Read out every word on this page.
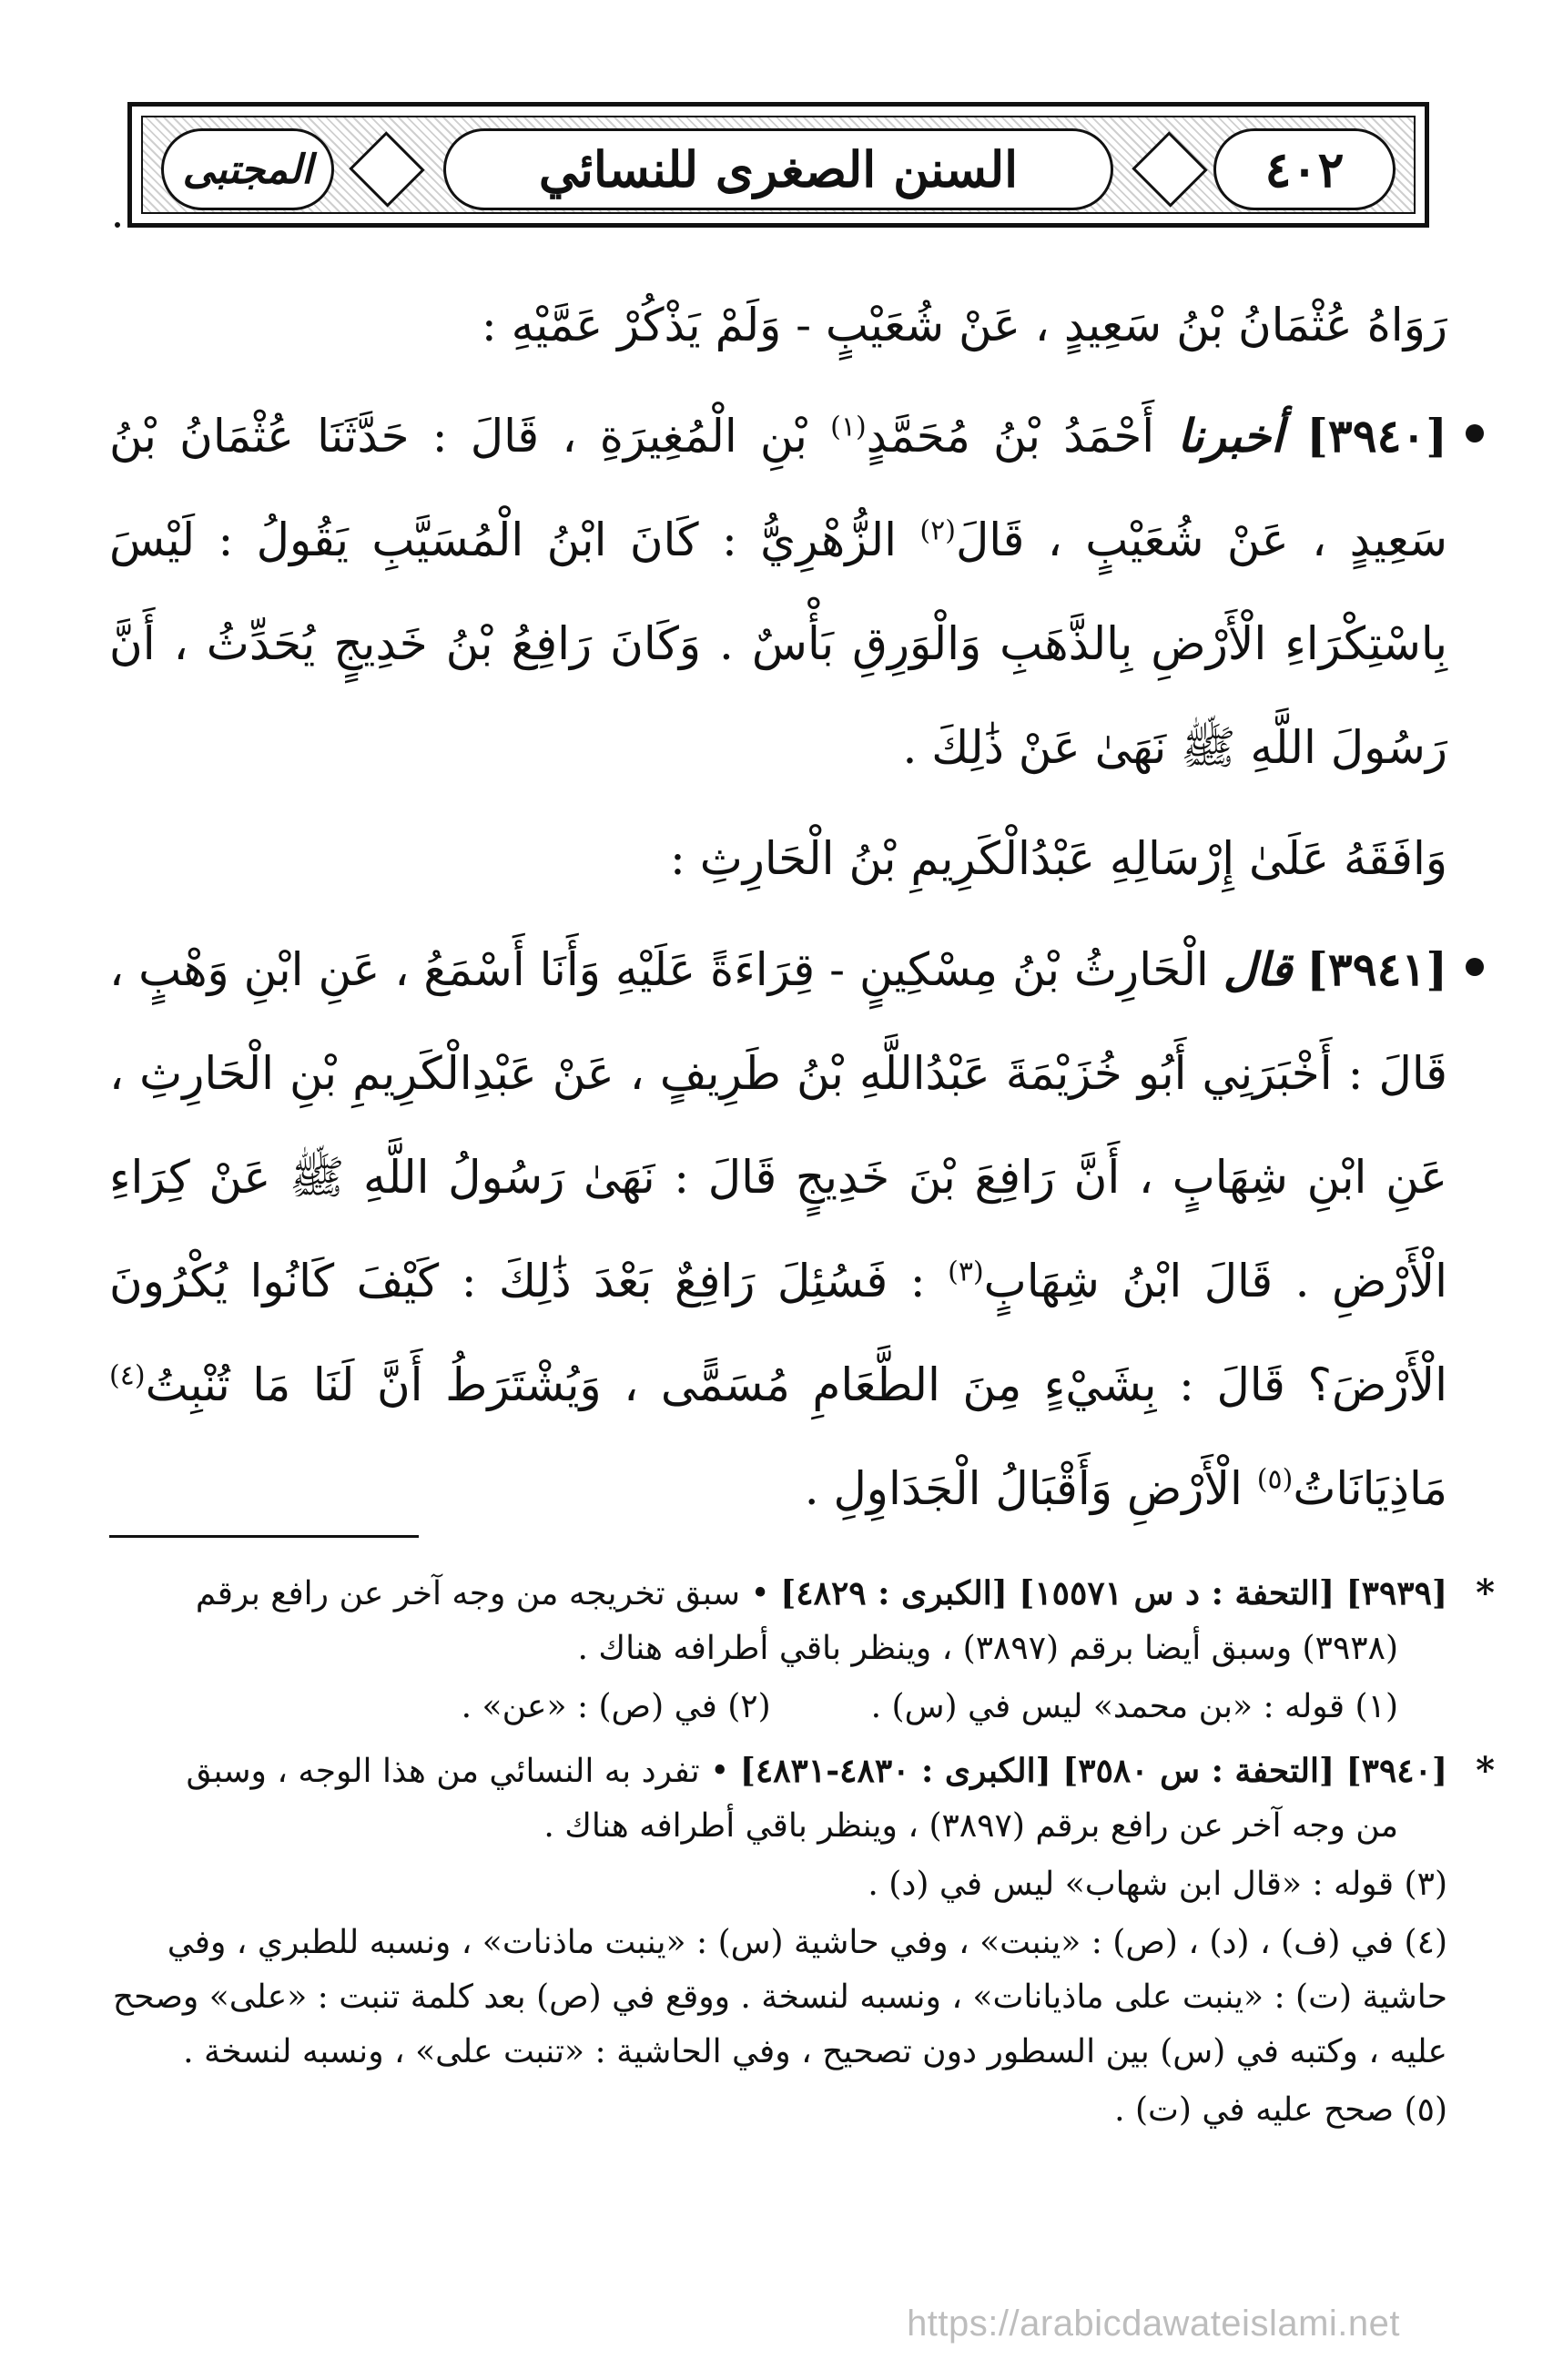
المجتبى	السنن الصغرى للنسائي	٤٠٢

رَوَاهُ عُثْمَانُ بْنُ سَعِيدٍ ، عَنْ شُعَيْبٍ - وَلَمْ يَذْكُرْ عَمَّيْهِ :

[٣٩٤٠] أخبرنا أَحْمَدُ بْنُ مُحَمَّدٍ$^{(١)}$ بْنِ الْمُغِيرَةِ ، قَالَ : حَدَّثَنَا عُثْمَانُ بْنُ سَعِيدٍ ، عَنْ شُعَيْبٍ ، قَالَ$^{(٢)}$ الزُّهْرِيُّ : كَانَ ابْنُ الْمُسَيَّبِ يَقُولُ : لَيْسَ بِاسْتِكْرَاءِ الْأَرْضِ بِالذَّهَبِ وَالْوَرِقِ بَأْسٌ . وَكَانَ رَافِعُ بْنُ خَدِيجٍ يُحَدِّثُ ، أَنَّ رَسُولَ اللَّهِ ﷺ نَهَىٰ عَنْ ذَٰلِكَ .

وَافَقَهُ عَلَىٰ إِرْسَالِهِ عَبْدُالْكَرِيمِ بْنُ الْحَارِثِ :

[٣٩٤١] قال الْحَارِثُ بْنُ مِسْكِينٍ - قِرَاءَةً عَلَيْهِ وَأَنَا أَسْمَعُ ، عَنِ ابْنِ وَهْبٍ ، قَالَ : أَخْبَرَنِي أَبُو خُزَيْمَةَ عَبْدُاللَّهِ بْنُ طَرِيفٍ ، عَنْ عَبْدِالْكَرِيمِ بْنِ الْحَارِثِ ، عَنِ ابْنِ شِهَابٍ ، أَنَّ رَافِعَ بْنَ خَدِيجٍ قَالَ : نَهَىٰ رَسُولُ اللَّهِ ﷺ عَنْ كِرَاءِ الْأَرْضِ . قَالَ ابْنُ شِهَابٍ$^{(٣)}$ : فَسُئِلَ رَافِعٌ بَعْدَ ذَٰلِكَ : كَيْفَ كَانُوا يُكْرُونَ الْأَرْضَ؟ قَالَ : بِشَيْءٍ مِنَ الطَّعَامِ مُسَمًّى ، وَيُشْتَرَطُ أَنَّ لَنَا مَا تُنْبِتُ$^{(٤)}$ مَاذِيَانَاتُ$^{(٥)}$ الْأَرْضِ وَأَقْبَالُ الْجَدَاوِلِ .

*
[٣٩٣٩] [التحفة : د س ١٥٥٧١] [الكبرى : ٤٨٢٩] • سبق تخريجه من وجه آخر عن رافع برقم
(٣٩٣٨) وسبق أيضا برقم (٣٨٩٧) ، وينظر باقي أطرافه هناك .

(١) قوله : «بن محمد» ليس في (س) .
(٢) في (ص) : «عن» .

*
[٣٩٤٠] [التحفة : س ٣٥٨٠] [الكبرى : ٤٨٣٠-٤٨٣١] • تفرد به النسائي من هذا الوجه ، وسبق
من وجه آخر عن رافع برقم (٣٨٩٧) ، وينظر باقي أطرافه هناك .

(٣) قوله : «قال ابن شهاب» ليس في (د) .

(٤) في (ف) ، (د) ، (ص) : «ينبت» ، وفي حاشية (س) : «ينبت ماذنات» ، ونسبه للطبري ، وفي حاشية (ت) : «ينبت على ماذيانات» ، ونسبه لنسخة . ووقع في (ص) بعد كلمة تنبت : «على» وصحح عليه ، وكتبه في (س) بين السطور دون تصحيح ، وفي الحاشية : «تنبت على» ، ونسبه لنسخة .

(٥) صحح عليه في (ت) .

https://arabicdawateislami.net
